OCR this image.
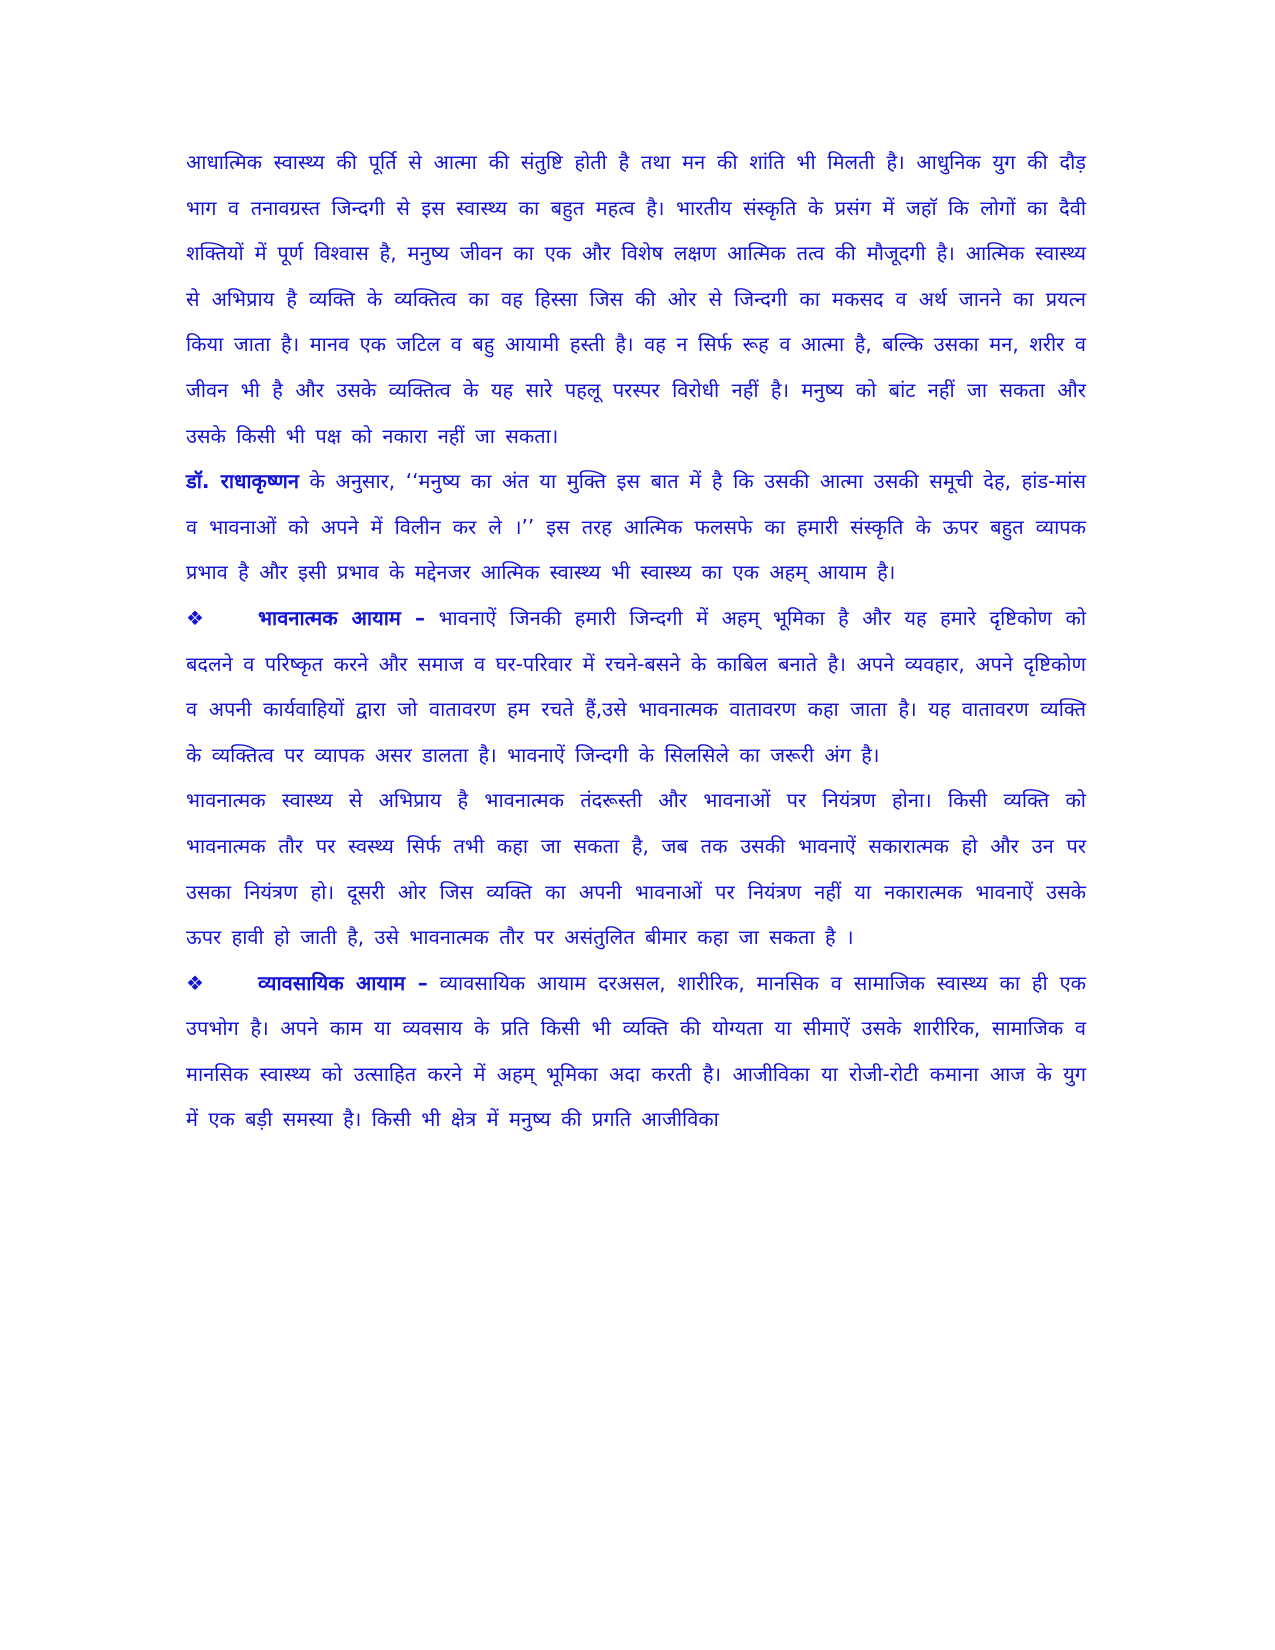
आधात्मिक स्वास्थ्य की पूर्ति से आत्मा की संतुष्टि होती है तथा मन की शांति भी मिलती है। आधुनिक युग की दौड़ भाग व तनावग्रस्त जिन्दगी से इस स्वास्थ्य का बहुत महत्व है। भारतीय संस्कृति के प्रसंग में जहाॅ कि लोगों का दैवी शक्तियों में पूर्ण विश्वास है, मनुष्य जीवन का एक और विशेष लक्षण आत्मिक तत्व की मौजूदगी है। आत्मिक स्वास्थ्य से अभिप्राय है व्यक्ति के व्यक्तित्व का वह हिस्सा जिस की ओर से जिन्दगी का मकसद व अर्थ जानने का प्रयत्न किया जाता है। मानव एक जटिल व बहु आयामी हस्ती है। वह न सिर्फ रूह व आत्मा है, बल्कि उसका मन, शरीर व जीवन भी है और उसके व्यक्तित्व के यह सारे पहलू परस्पर विरोधी नहीं है। मनुष्य को बांट नहीं जा सकता और उसके किसी भी पक्ष को नकारा नहीं जा सकता।

डॉ. राधाकृष्णन के अनुसार, ‘‘मनुष्य का अंत या मुक्ति इस बात में है कि उसकी आत्मा उसकी समूची देह, हांड-मांस व भावनाओं को अपने में विलीन कर ले ।’’ इस तरह आत्मिक फलसफे का हमारी संस्कृति के ऊपर बहुत व्यापक प्रभाव है और इसी प्रभाव के मद्देनजर आत्मिक स्वास्थ्य भी स्वास्थ्य का एक अहम् आयाम है।

❖	भावनात्मक आयाम – भावनाऐं जिनकी हमारी जिन्दगी में अहम् भूमिका है और यह हमारे दृष्टिकोण को बदलने व परिष्कृत करने और समाज व घर-परिवार में रचने-बसने के काबिल बनाते है। अपने व्यवहार, अपने दृष्टिकोण व अपनी कार्यवाहियों द्वारा जो वातावरण हम रचते हैं,उसे भावनात्मक वातावरण कहा जाता है। यह वातावरण व्यक्ति के व्यक्तित्व पर व्यापक असर डालता है। भावनाऐं जिन्दगी के सिलसिले का जरूरी अंग है।

भावनात्मक स्वास्थ्य से अभिप्राय है भावनात्मक तंदरूस्ती और भावनाओं पर नियंत्रण होना। किसी व्यक्ति को भावनात्मक तौर पर स्वस्थ्य सिर्फ तभी कहा जा सकता है, जब तक उसकी भावनाऐं सकारात्मक हो और उन पर उसका नियंत्रण हो। दूसरी ओर जिस व्यक्ति का अपनी भावनाओं पर नियंत्रण नहीं या नकारात्मक भावनाऐं उसके ऊपर हावी हो जाती है, उसे भावनात्मक तौर पर असंतुलित बीमार कहा जा सकता है ।

❖	व्यावसायिक आयाम – व्यावसायिक आयाम दरअसल, शारीरिक, मानसिक व सामाजिक स्वास्थ्य का ही एक उपभोग है। अपने काम या व्यवसाय के प्रति किसी भी व्यक्ति की योग्यता या सीमाऐं उसके शारीरिक, सामाजिक व मानसिक स्वास्थ्य को उत्साहित करने में अहम् भूमिका अदा करती है। आजीविका या रोजी-रोटी कमाना आज के युग में एक बड़ी समस्या है। किसी भी क्षेत्र में मनुष्य की प्रगति आजीविका
